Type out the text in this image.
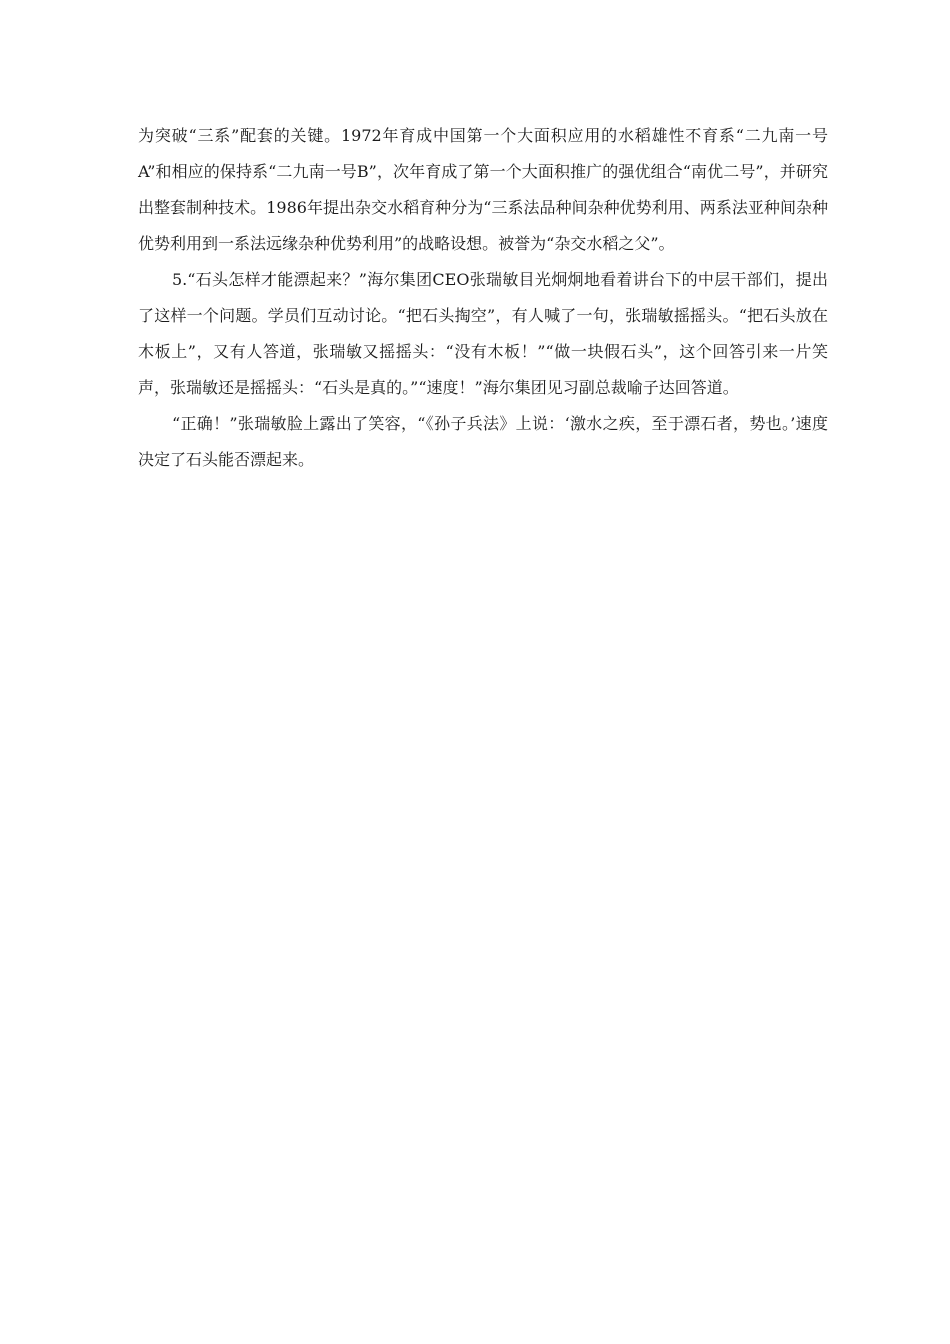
为突破“三系”配套的关键。1972年育成中国第一个大面积应用的水稻雄性不育系“二九南一号A”和相应的保持系“二九南一号B”，次年育成了第一个大面积推广的强优组合“南优二号”，并研究出整套制种技术。1986年提出杂交水稻育种分为“三系法品种间杂种优势利用、两系法亚种间杂种优势利用到一系法远缘杂种优势利用”的战略设想。被誉为“杂交水稻之父”。

5.“石头怎样才能漂起来？”海尔集团CEO张瑞敏目光炯炯地看着讲台下的中层干部们，提出了这样一个问题。学员们互动讨论。“把石头掏空”，有人喊了一句，张瑞敏摇摇头。“把石头放在木板上”，又有人答道，张瑞敏又摇摇头：“没有木板！”“做一块假石头”，这个回答引来一片笑声，张瑞敏还是摇摇头：“石头是真的。”“速度！”海尔集团见习副总裁喻子达回答道。

“正确！”张瑞敏脸上露出了笑容，“《孙子兵法》上说：‘激水之疾，至于漂石者，势也。’速度决定了石头能否漂起来。
